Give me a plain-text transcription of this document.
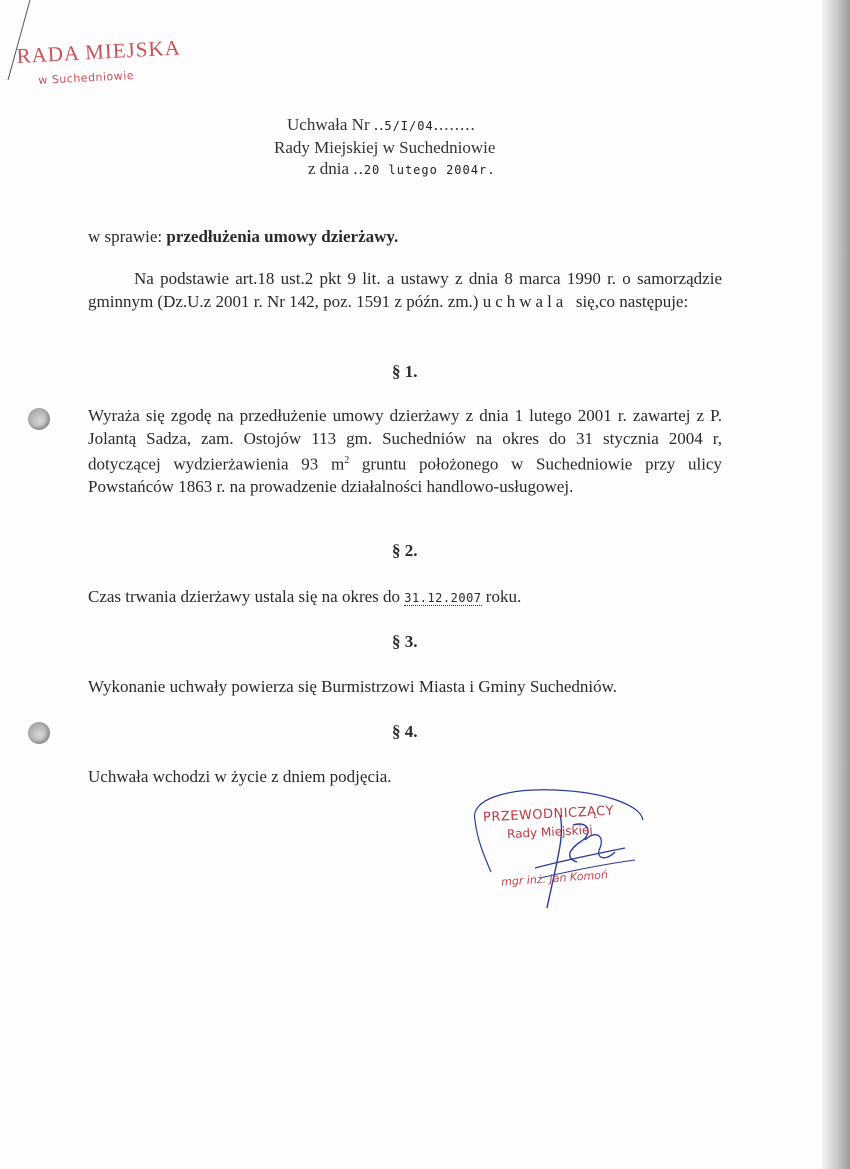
RADA MIEJSKA
w Suchedniowie
Uchwała Nr ..5/I/04........
Rady Miejskiej w Suchedniowie
z dnia ..20 lutego 2004r.
w sprawie: przedłużenia umowy dzierżawy.
Na podstawie art.18 ust.2 pkt 9 lit. a ustawy z dnia 8 marca 1990 r. o samorządzie gminnym (Dz.U.z 2001 r. Nr 142, poz. 1591 z późn. zm.) uchwala się,co następuje:
§ 1.
Wyraża się zgodę na przedłużenie umowy dzierżawy z dnia 1 lutego 2001 r. zawartej z P. Jolantą Sadza, zam. Ostojów 113 gm. Suchedniów na okres do 31 stycznia 2004 r, dotyczącej wydzierżawienia 93 $m^2$ gruntu położonego w Suchedniowie przy ulicy Powstańców 1863 r. na prowadzenie działalności handlowo-usługowej.
§ 2.
Czas trwania dzierżawy ustala się na okres do 31.12.2007 roku.
§ 3.
Wykonanie uchwały powierza się Burmistrzowi Miasta i Gminy Suchedniów.
§ 4.
Uchwała wchodzi w życie z dniem podjęcia.
PRZEWODNICZĄCY
Rady Miejskiej
mgr inż. Jan Komoń
